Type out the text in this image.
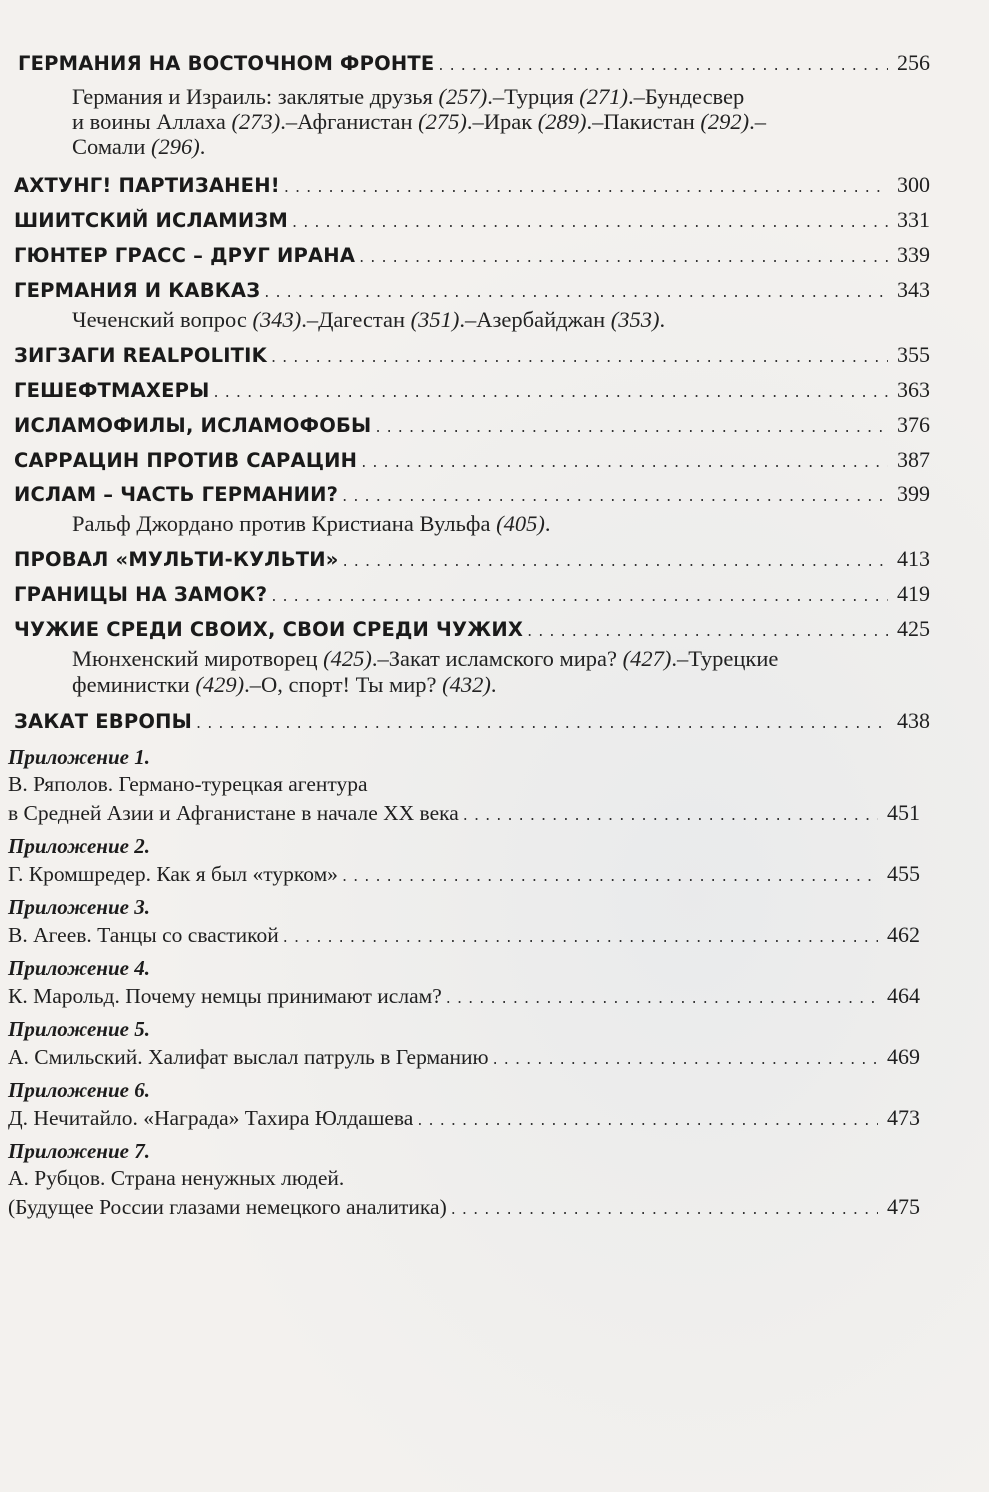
ГЕРМАНИЯ НА ВОСТОЧНОМ ФРОНТЕ . . .	256
Германия и Израиль: заклятые друзья (257).–Турция (271).–Бундесвер
и воины Аллаха (273).–Афганистан (275).–Ирак (289).–Пакистан (292).–
Сомали (296).
АХТУНГ! ПАРТИЗАНЕН! . . .	300
ШИИТСКИЙ ИСЛАМИЗМ . . .	331
ГЮНТЕР ГРАСС – ДРУГ ИРАНА . . .	339
ГЕРМАНИЯ И КАВКАЗ . . .	343
Чеченский вопрос (343).–Дагестан (351).–Азербайджан (353).
ЗИГЗАГИ REALPOLITIK . . .	355
ГЕШЕФТМАХЕРЫ . . .	363
ИСЛАМОФИЛЫ, ИСЛАМОФОБЫ . . .	376
САРРАЦИН ПРОТИВ САРАЦИН . . .	387
ИСЛАМ – ЧАСТЬ ГЕРМАНИИ? . . .	399
Ральф Джордано против Кристиана Вульфа (405).
ПРОВАЛ «МУЛЬТИ-КУЛЬТИ» . . .	413
ГРАНИЦЫ НА ЗАМОК? . . .	419
ЧУЖИЕ СРЕДИ СВОИХ, СВОИ СРЕДИ ЧУЖИХ . . .	425
Мюнхенский миротворец (425).–Закат исламского мира? (427).–Турецкие
феминистки (429).–О, спорт! Ты мир? (432).
ЗАКАТ ЕВРОПЫ . . .	438
Приложение 1.
В. Ряполов. Германо-турецкая агентура
в Средней Азии и Афганистане в начале XX века . . .	451
Приложение 2.
Г. Кромшредер. Как я был «турком» . . .	455
Приложение 3.
В. Агеев. Танцы со свастикой . . .	462
Приложение 4.
К. Марольд. Почему немцы принимают ислам? . . .	464
Приложение 5.
А. Смильский. Халифат выслал патруль в Германию . . .	469
Приложение 6.
Д. Нечитайло. «Награда» Тахира Юлдашева . . .	473
Приложение 7.
А. Рубцов. Страна ненужных людей.
(Будущее России глазами немецкого аналитика) . . .	475
